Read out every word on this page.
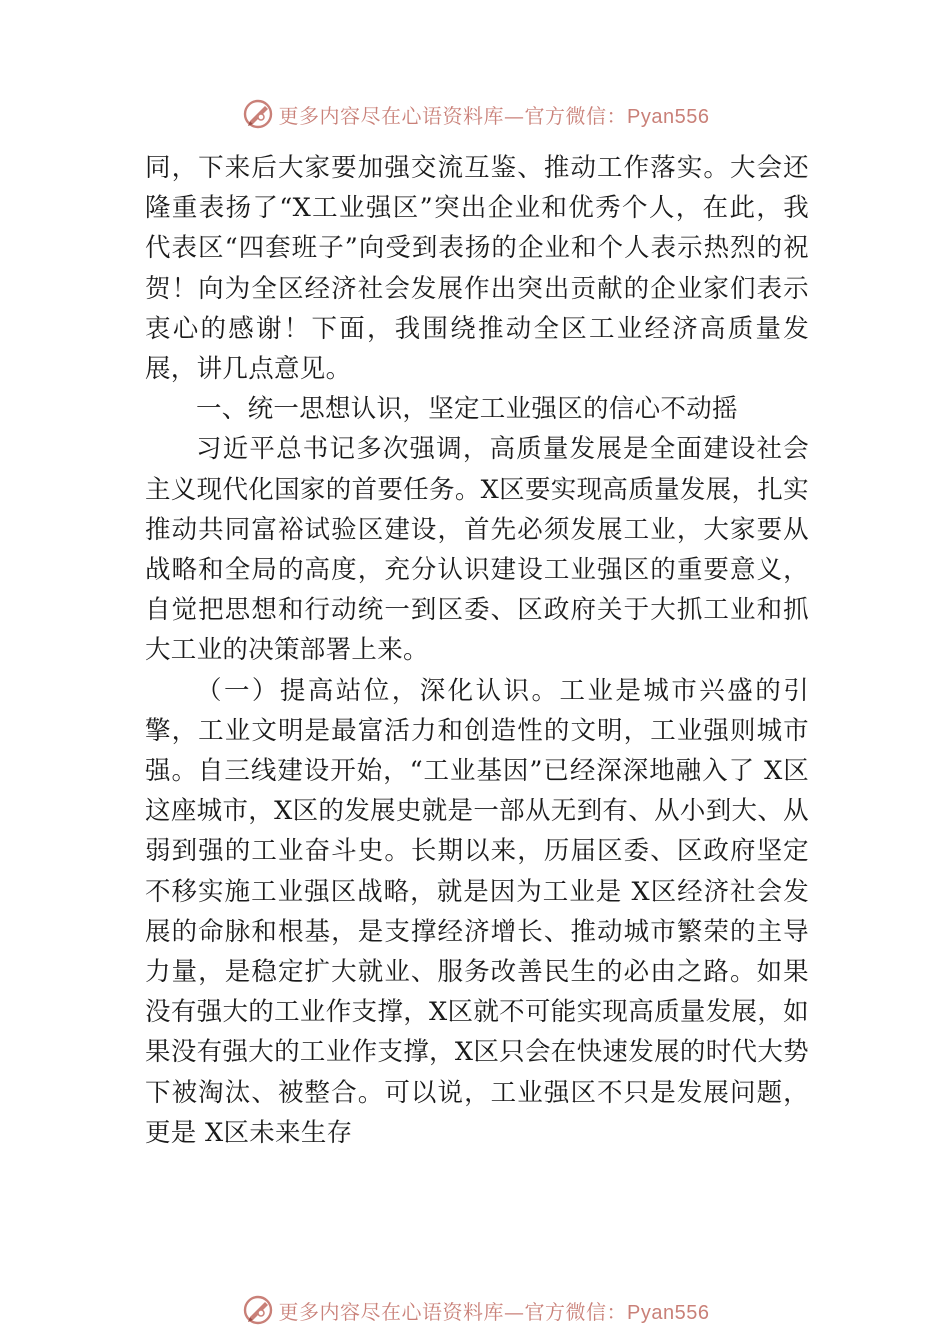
更多内容尽在心语资料库—官方微信：Pyan556

同，下来后大家要加强交流互鉴、推动工作落实。大会还隆重表扬了“X工业强区”突出企业和优秀个人，在此，我代表区“四套班子”向受到表扬的企业和个人表示热烈的祝贺！向为全区经济社会发展作出突出贡献的企业家们表示衷心的感谢！下面，我围绕推动全区工业经济高质量发展，讲几点意见。

一、统一思想认识，坚定工业强区的信心不动摇

习近平总书记多次强调，高质量发展是全面建设社会主义现代化国家的首要任务。X区要实现高质量发展，扎实推动共同富裕试验区建设，首先必须发展工业，大家要从战略和全局的高度，充分认识建设工业强区的重要意义，自觉把思想和行动统一到区委、区政府关于大抓工业和抓大工业的决策部署上来。

（一）提高站位，深化认识。工业是城市兴盛的引擎，工业文明是最富活力和创造性的文明，工业强则城市强。自三线建设开始，“工业基因”已经深深地融入了 X区这座城市，X区的发展史就是一部从无到有、从小到大、从弱到强的工业奋斗史。长期以来，历届区委、区政府坚定不移实施工业强区战略，就是因为工业是 X区经济社会发展的命脉和根基，是支撑经济增长、推动城市繁荣的主导力量，是稳定扩大就业、服务改善民生的必由之路。如果没有强大的工业作支撑，X区就不可能实现高质量发展，如果没有强大的工业作支撑，X区只会在快速发展的时代大势下被淘汰、被整合。可以说，工业强区不只是发展问题，更是 X区未来生存

更多内容尽在心语资料库—官方微信：Pyan556
